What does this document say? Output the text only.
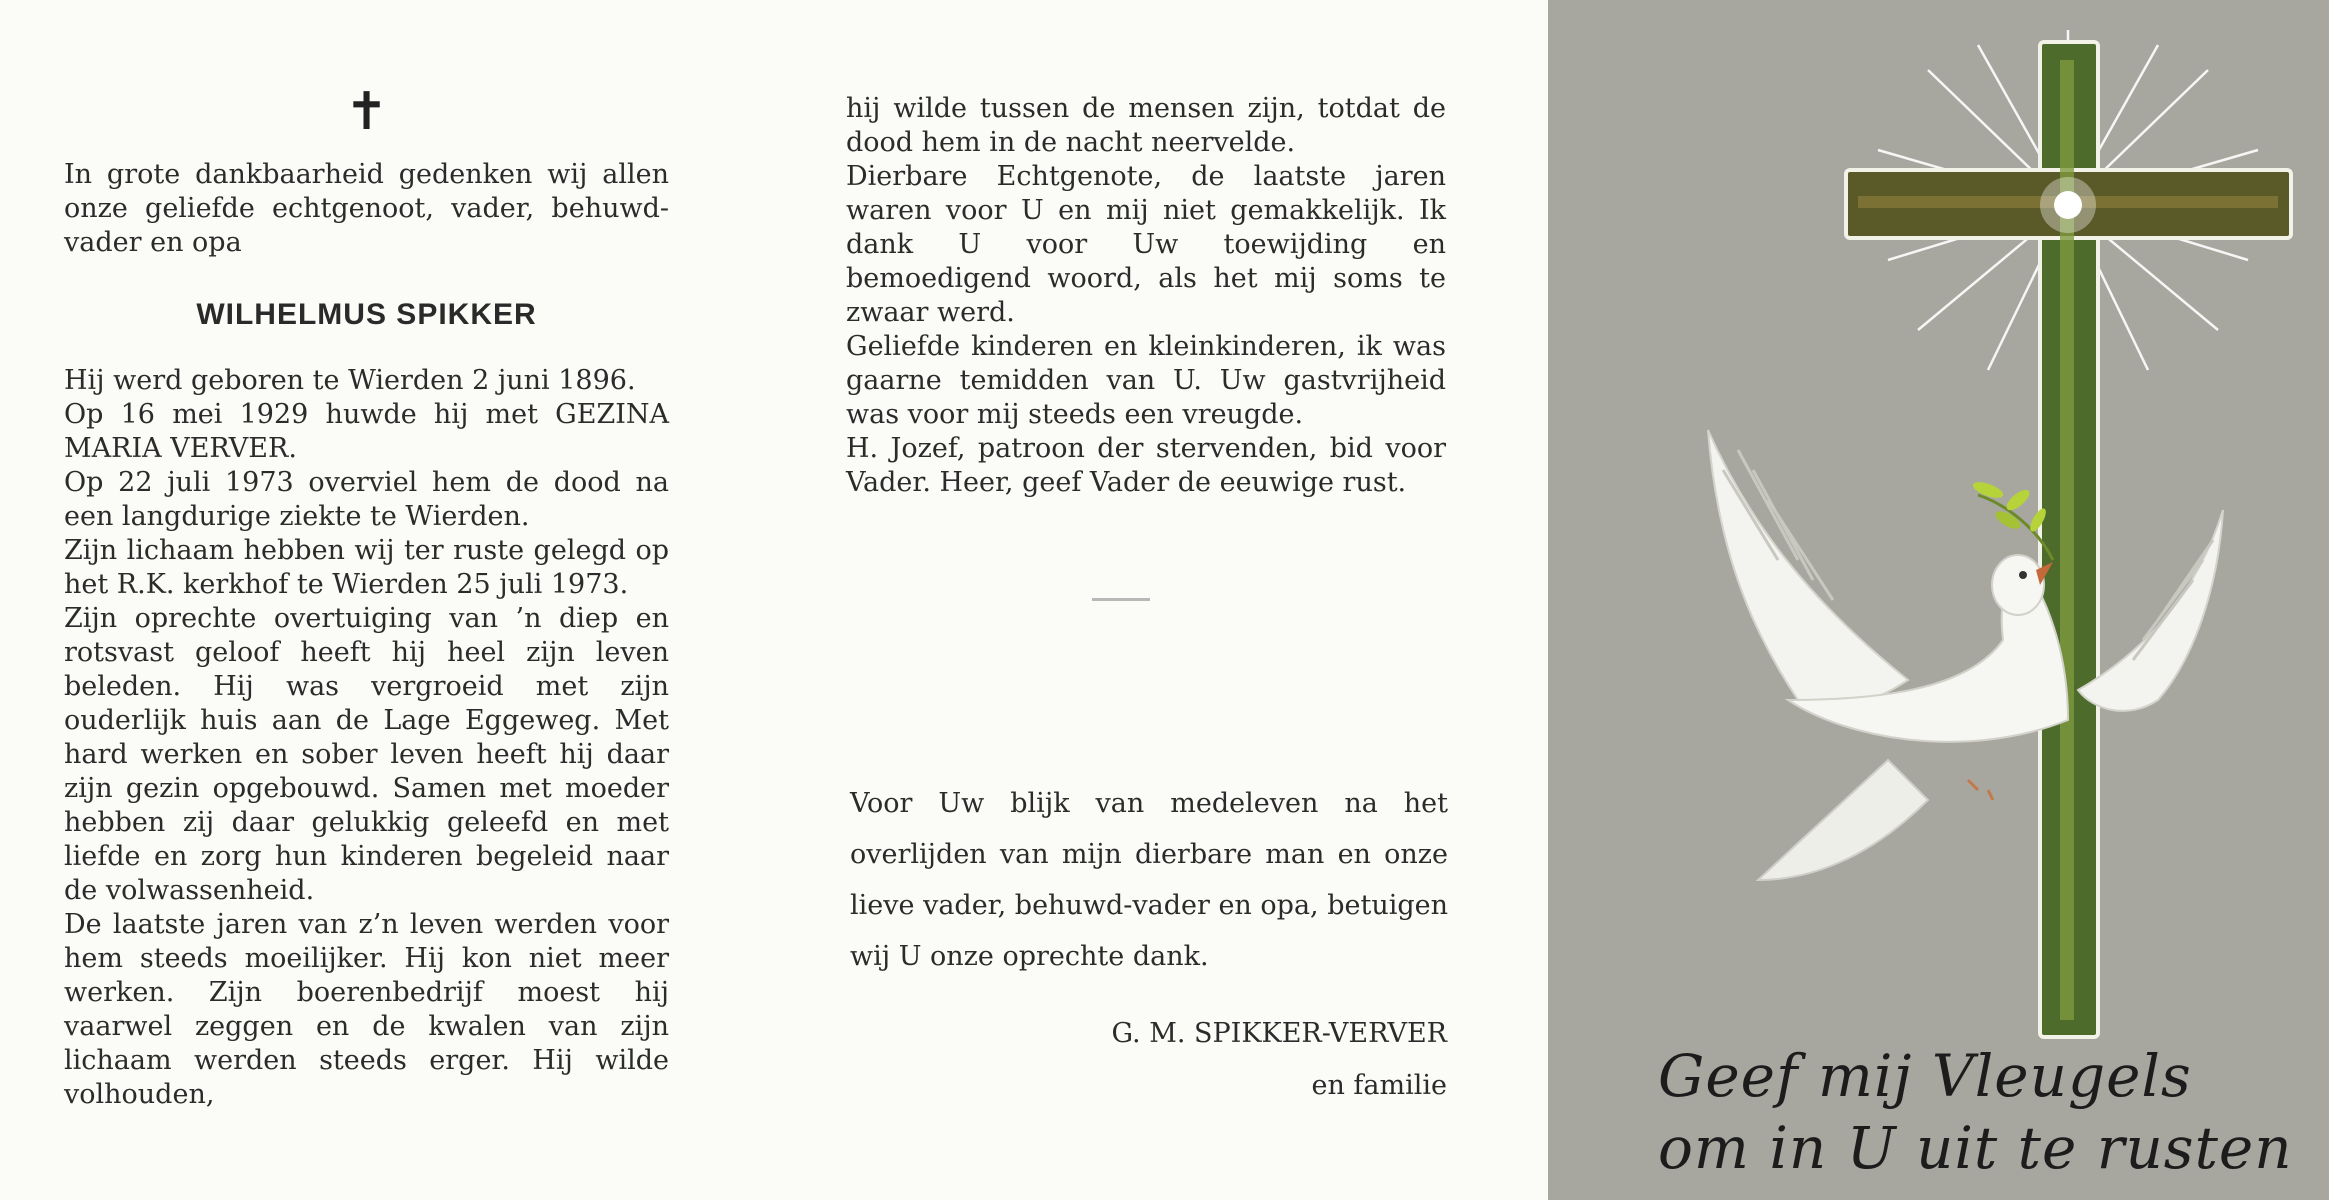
✝

In grote dankbaarheid gedenken wij allen onze geliefde echtgenoot, vader, behuwd-vader en opa

WILHELMUS SPIKKER

Hij werd geboren te Wierden 2 juni 1896.

Op 16 mei 1929 huwde hij met GEZINA MARIA VERVER.

Op 22 juli 1973 overviel hem de dood na een langdurige ziekte te Wierden.

Zijn lichaam hebben wij ter ruste gelegd op het R.K. kerkhof te Wierden 25 juli 1973.

Zijn oprechte overtuiging van ’n diep en rotsvast geloof heeft hij heel zijn leven beleden. Hij was vergroeid met zijn ouderlijk huis aan de Lage Eggeweg. Met hard werken en sober leven heeft hij daar zijn gezin opgebouwd. Samen met moeder hebben zij daar gelukkig geleefd en met liefde en zorg hun kinderen begeleid naar de volwassenheid.

De laatste jaren van z’n leven werden voor hem steeds moeilijker. Hij kon niet meer werken. Zijn boerenbedrijf moest hij vaarwel zeggen en de kwalen van zijn lichaam werden steeds erger. Hij wilde volhouden,

hij wilde tussen de mensen zijn, totdat de dood hem in de nacht neervelde.

Dierbare Echtgenote, de laatste jaren waren voor U en mij niet gemakkelijk. Ik dank U voor Uw toewijding en bemoedigend woord, als het mij soms te zwaar werd.

Geliefde kinderen en kleinkinderen, ik was gaarne temidden van U. Uw gastvrijheid was voor mij steeds een vreugde.

H. Jozef, patroon der stervenden, bid voor Vader. Heer, geef Vader de eeuwige rust.

Voor Uw blijk van medeleven na het overlijden van mijn dierbare man en onze lieve vader, behuwd-vader en opa, betuigen wij U onze oprechte dank.

G. M. SPIKKER-VERVER
en familie	Geef mij Vleugels
om in U uit te rusten
